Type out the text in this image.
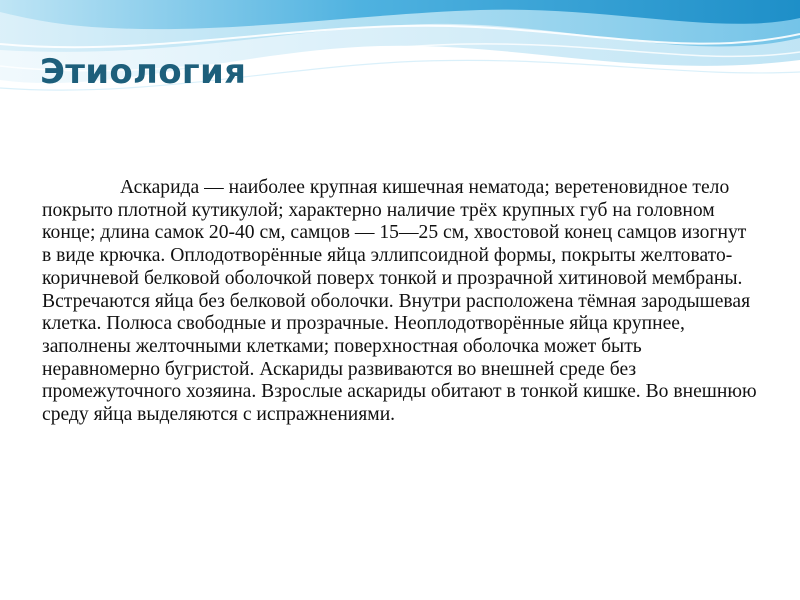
Этиология

Аскарида — наиболее крупная кишечная нематода; веретеновидное тело покрыто плотной кутикулой; характерно наличие трёх крупных губ на головном конце; длина самок 20-40 см, самцов — 15—25 см, хвостовой конец самцов изогнут в виде крючка. Оплодотворённые яйца эллипсоидной формы, покрыты желтовато-коричневой белковой оболочкой поверх тонкой и прозрачной хитиновой мембраны. Встречаются яйца без белковой оболочки. Внутри расположена тёмная зародышевая клетка. Полюса свободные и прозрачные. Неоплодотворённые яйца крупнее, заполнены желточными клетками; поверхностная оболочка может быть неравномерно бугристой. Аскариды развиваются во внешней среде без промежуточного хозяина. Взрослые аскариды обитают в тонкой кишке. Во внешнюю среду яйца выделяются с испражнениями.
